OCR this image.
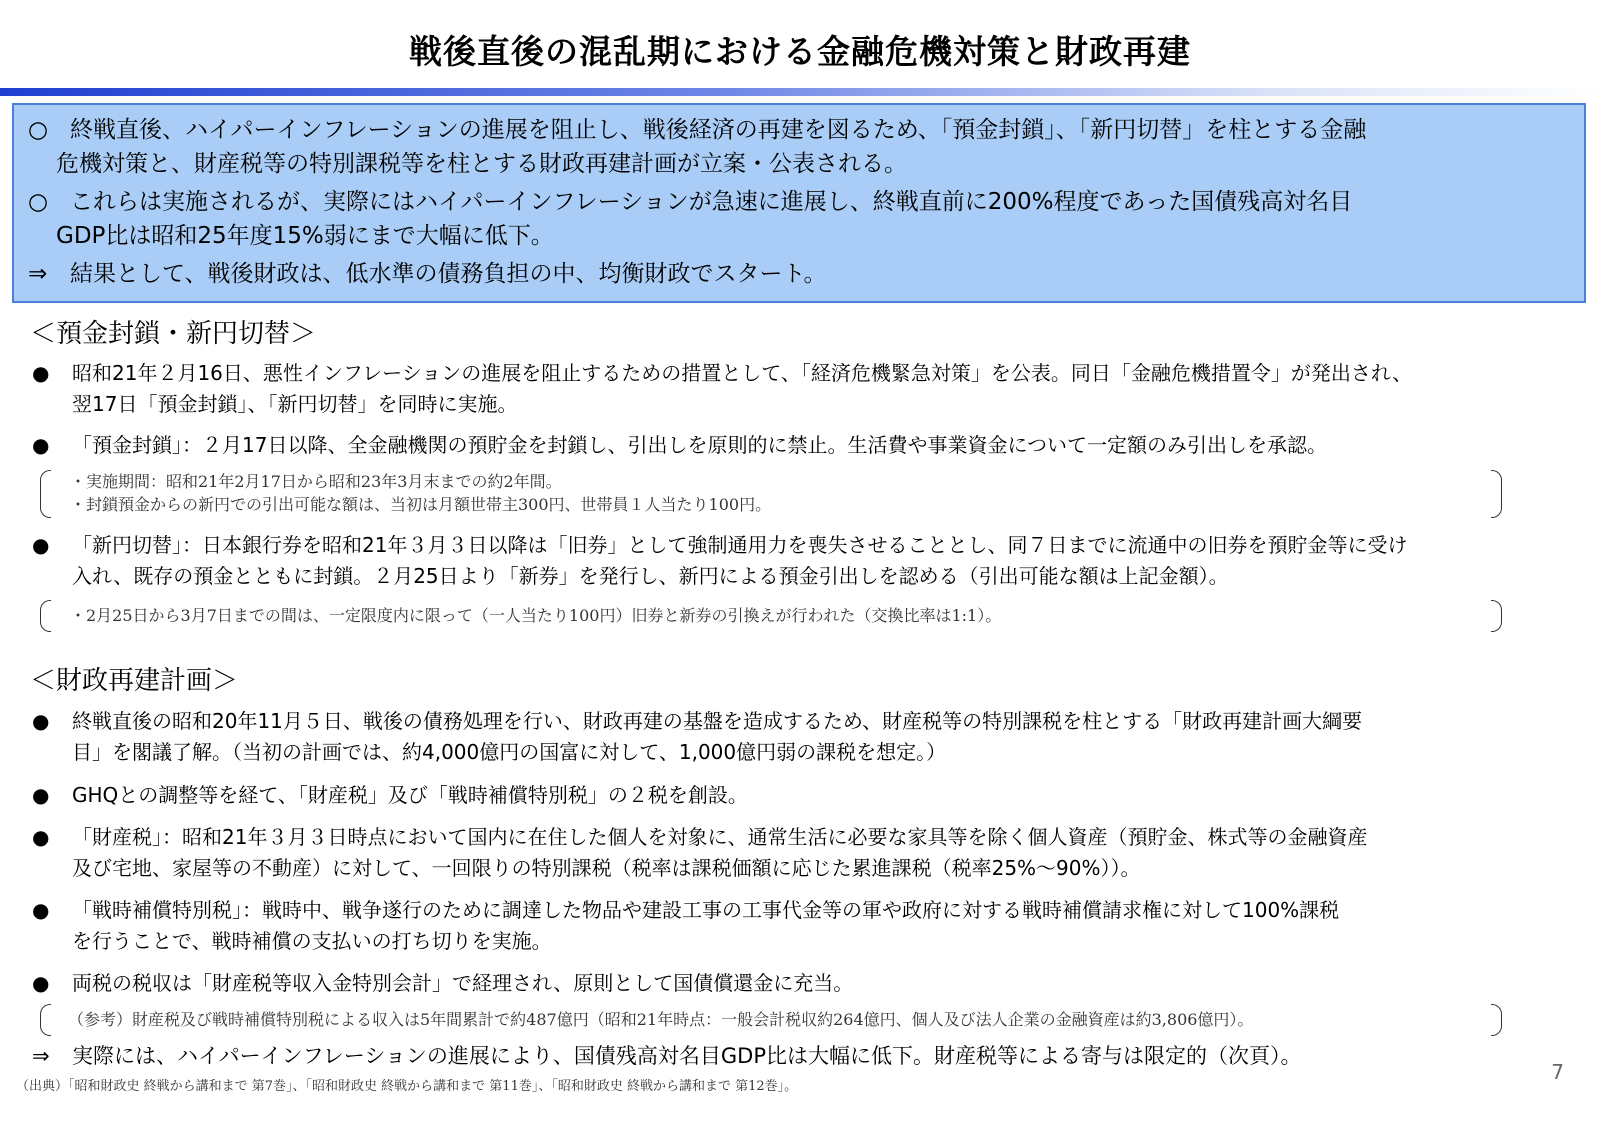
戦後直後の混乱期における金融危機対策と財政再建

○ 終戦直後、ハイパーインフレーションの進展を阻止し、戦後経済の再建を図るため、「預金封鎖」、「新円切替」を柱とする金融
危機対策と、財産税等の特別課税等を柱とする財政再建計画が立案・公表される。

○ これらは実施されるが、実際にはハイパーインフレーションが急速に進展し、終戦直前に200%程度であった国債残高対名目
GDP比は昭和25年度15%弱にまで大幅に低下。

⇒ 結果として、戦後財政は、低水準の債務負担の中、均衡財政でスタート。

＜預金封鎖・新円切替＞
● 昭和21年２月16日、悪性インフレーションの進展を阻止するための措置として、「経済危機緊急対策」を公表。同日「金融危機措置令」が発出され、
翌17日「預金封鎖」、「新円切替」を同時に実施。
● 「預金封鎖」：２月17日以降、全金融機関の預貯金を封鎖し、引出しを原則的に禁止。生活費や事業資金について一定額のみ引出しを承認。
・実施期間：昭和21年2月17日から昭和23年3月末までの約2年間。
・封鎖預金からの新円での引出可能な額は、当初は月額世帯主300円、世帯員１人当たり100円。
● 「新円切替」：日本銀行券を昭和21年３月３日以降は「旧券」として強制通用力を喪失させることとし、同７日までに流通中の旧券を預貯金等に受け
入れ、既存の預金とともに封鎖。２月25日より「新券」を発行し、新円による預金引出しを認める（引出可能な額は上記金額）。
・2月25日から3月7日までの間は、一定限度内に限って（一人当たり100円）旧券と新券の引換えが行われた（交換比率は1:1）。
＜財政再建計画＞
● 終戦直後の昭和20年11月５日、戦後の債務処理を行い、財政再建の基盤を造成するため、財産税等の特別課税を柱とする「財政再建計画大綱要
目」を閣議了解。（当初の計画では、約4,000億円の国富に対して、1,000億円弱の課税を想定。）
● GHQとの調整等を経て、「財産税」及び「戦時補償特別税」の２税を創設。
● 「財産税」：昭和21年３月３日時点において国内に在住した個人を対象に、通常生活に必要な家具等を除く個人資産（預貯金、株式等の金融資産
及び宅地、家屋等の不動産）に対して、一回限りの特別課税（税率は課税価額に応じた累進課税（税率25%～90%））。
● 「戦時補償特別税」：戦時中、戦争遂行のために調達した物品や建設工事の工事代金等の軍や政府に対する戦時補償請求権に対して100%課税
を行うことで、戦時補償の支払いの打ち切りを実施。
● 両税の税収は「財産税等収入金特別会計」で経理され、原則として国債償還金に充当。
（参考）財産税及び戦時補償特別税による収入は5年間累計で約487億円（昭和21年時点：一般会計税収約264億円、個人及び法人企業の金融資産は約3,806億円）。
⇒ 実際には、ハイパーインフレーションの進展により、国債残高対名目GDP比は大幅に低下。財産税等による寄与は限定的（次頁）。
（出典）「昭和財政史 終戦から講和まで 第7巻」、「昭和財政史 終戦から講和まで 第11巻」、「昭和財政史 終戦から講和まで 第12巻」。
7
